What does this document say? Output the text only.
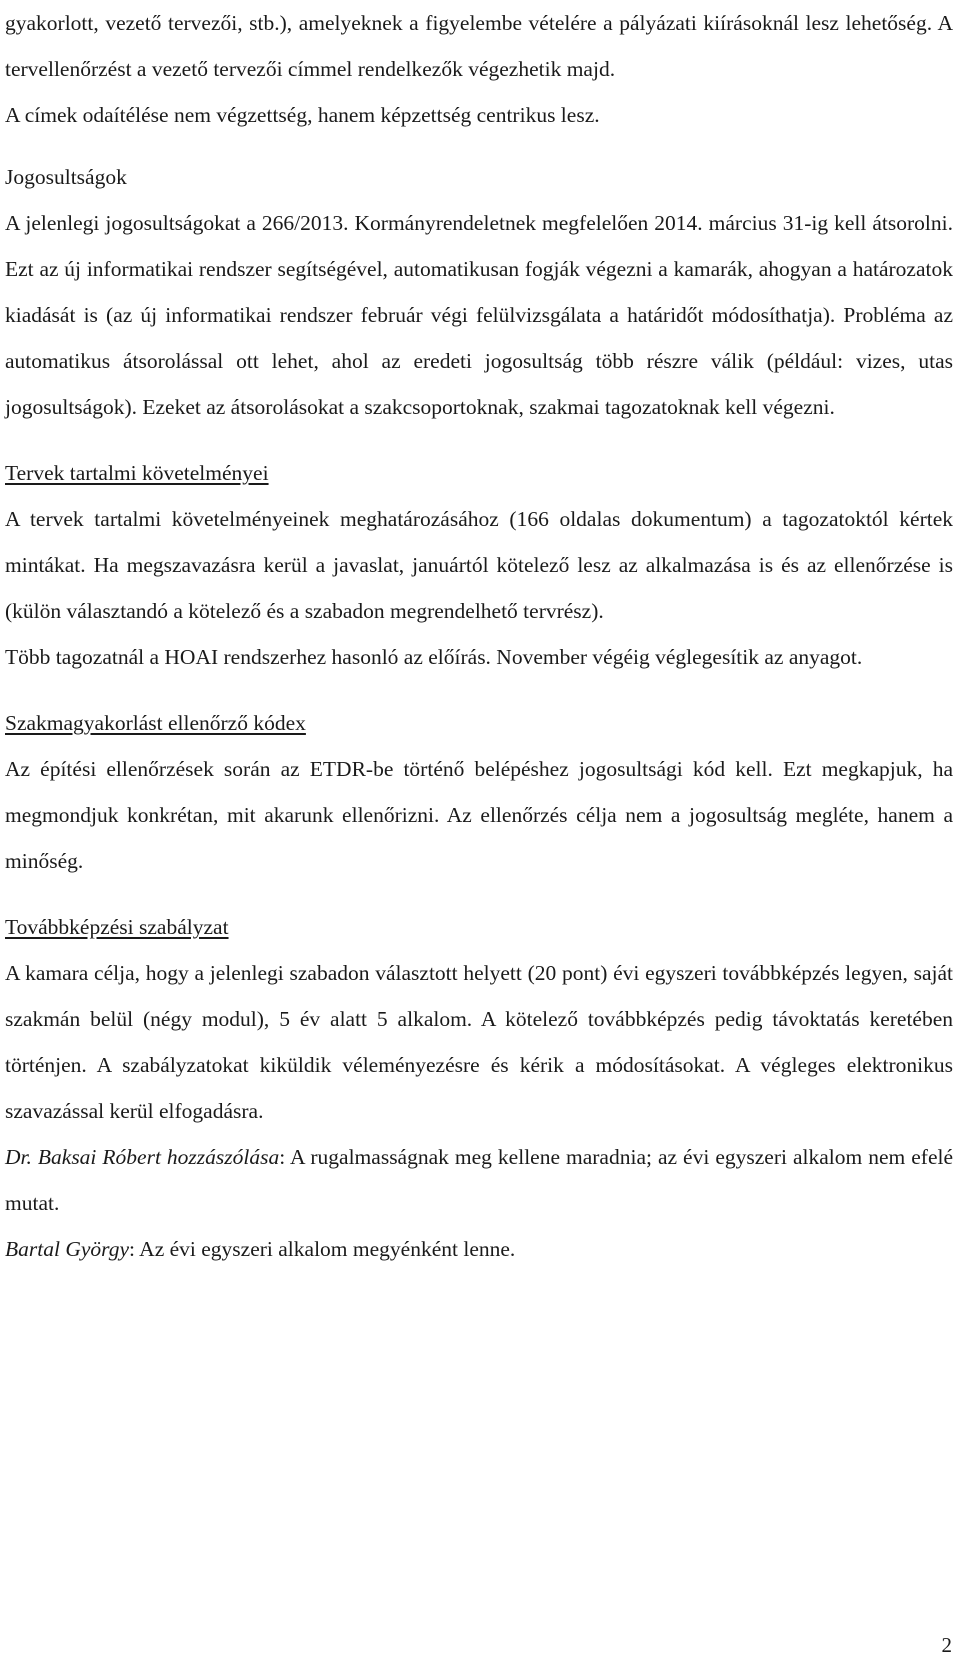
gyakorlott, vezető tervezői, stb.), amelyeknek a figyelembe vételére a pályázati kiírásoknál lesz lehetőség. A tervellenőrzést a vezető tervezői címmel rendelkezők végezhetik majd.

A címek odaítélése nem végzettség, hanem képzettség centrikus lesz.

Jogosultságok

A jelenlegi jogosultságokat a 266/2013. Kormányrendeletnek megfelelően 2014. március 31-ig kell átsorolni. Ezt az új informatikai rendszer segítségével, automatikusan fogják végezni a kamarák, ahogyan a határozatok kiadását is (az új informatikai rendszer február végi felülvizsgálata a határidőt módosíthatja). Probléma az automatikus átsorolással ott lehet, ahol az eredeti jogosultság több részre válik (például: vizes, utas jogosultságok). Ezeket az átsorolásokat a szakcsoportoknak, szakmai tagozatoknak kell végezni.

Tervek tartalmi követelményei

A tervek tartalmi követelményeinek meghatározásához (166 oldalas dokumentum) a tagozatoktól kértek mintákat. Ha megszavazásra kerül a javaslat, januártól kötelező lesz az alkalmazása is és az ellenőrzése is (külön választandó a kötelező és a szabadon megrendelhető tervrész).

Több tagozatnál a HOAI rendszerhez hasonló az előírás. November végéig véglegesítik az anyagot.

Szakmagyakorlást ellenőrző kódex

Az építési ellenőrzések során az ETDR-be történő belépéshez jogosultsági kód kell. Ezt megkapjuk, ha megmondjuk konkrétan, mit akarunk ellenőrizni. Az ellenőrzés célja nem a jogosultság megléte, hanem a minőség.

Továbbképzési szabályzat

A kamara célja, hogy a jelenlegi szabadon választott helyett (20 pont) évi egyszeri továbbképzés legyen, saját szakmán belül (négy modul), 5 év alatt 5 alkalom. A kötelező továbbképzés pedig távoktatás keretében történjen. A szabályzatokat kiküldik véleményezésre és kérik a módosításokat. A végleges elektronikus szavazással kerül elfogadásra.

Dr. Baksai Róbert hozzászólása: A rugalmasságnak meg kellene maradnia; az évi egyszeri alkalom nem efelé mutat.

Bartal György: Az évi egyszeri alkalom megyénként lenne.

2
